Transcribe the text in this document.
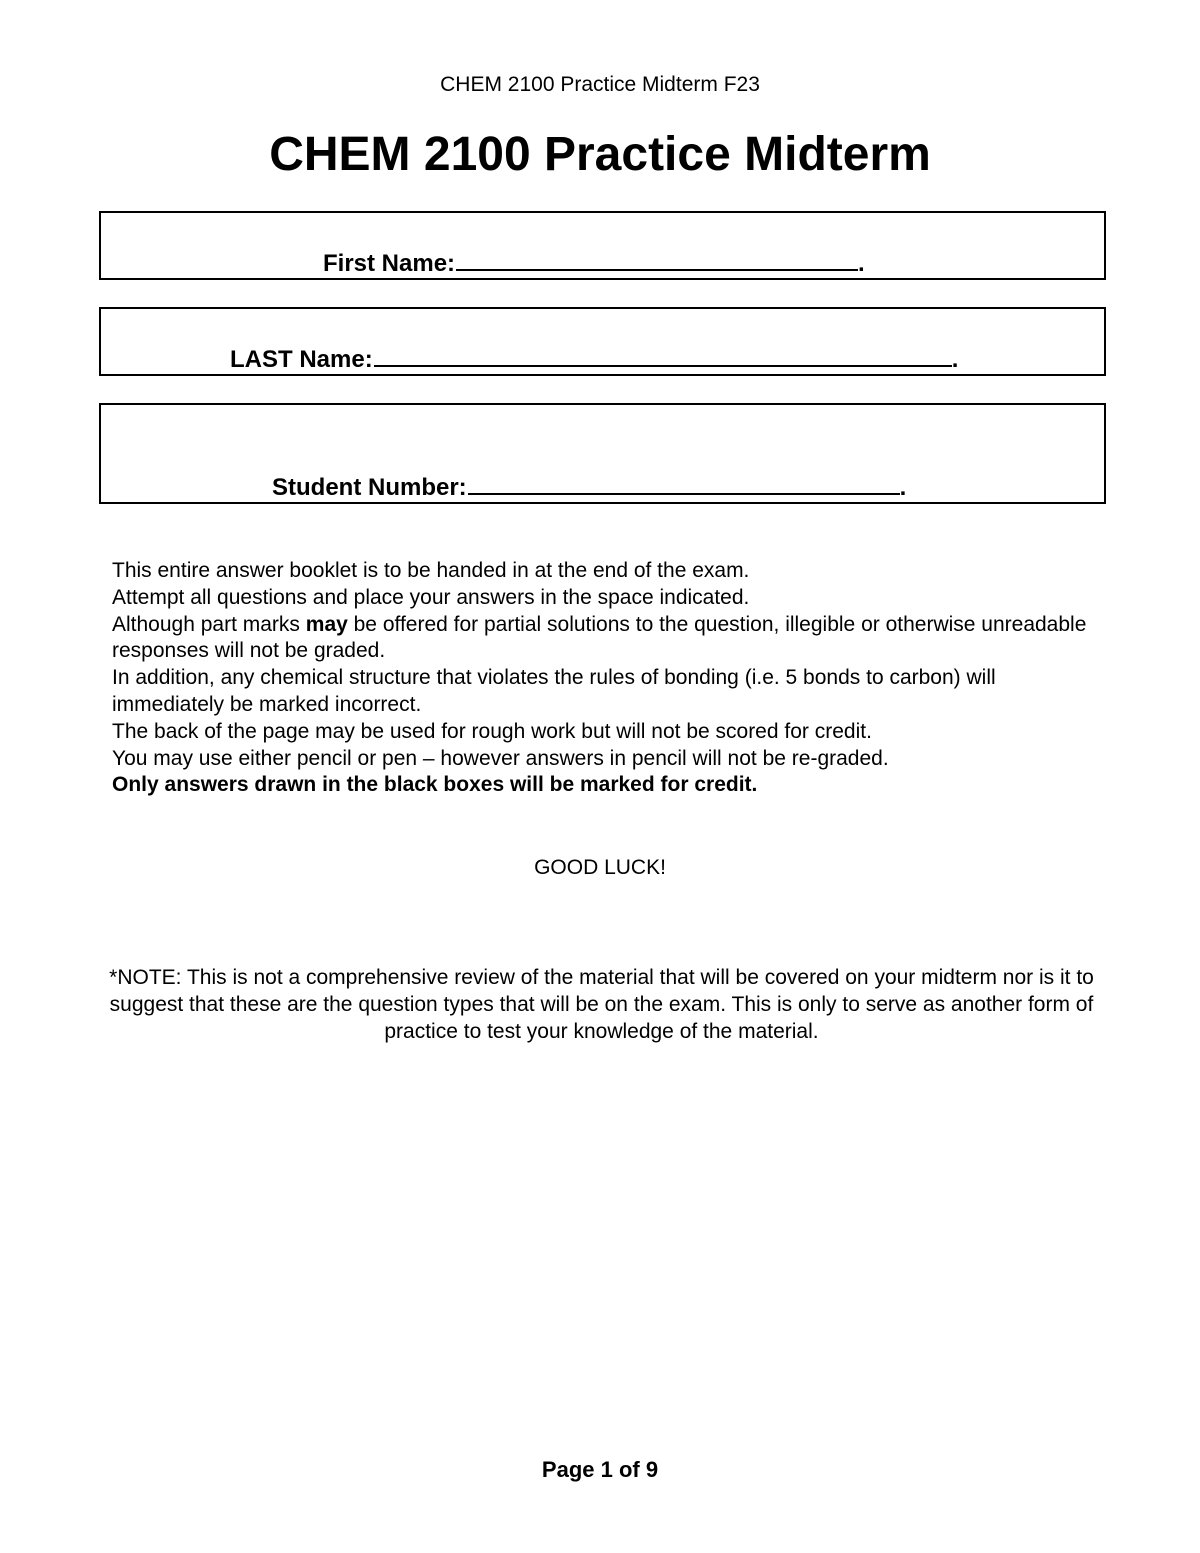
CHEM 2100 Practice Midterm F23
CHEM 2100 Practice Midterm
First Name:	.
LAST Name:	.
Student Number:	.

This entire answer booklet is to be handed in at the end of the exam.

Attempt all questions and place your answers in the space indicated.

Although part marks may be offered for partial solutions to the question, illegible or otherwise unreadable responses will not be graded.

In addition, any chemical structure that violates the rules of bonding (i.e. 5 bonds to carbon) will immediately be marked incorrect.

The back of the page may be used for rough work but will not be scored for credit.

You may use either pencil or pen – however answers in pencil will not be re-graded.

Only answers drawn in the black boxes will be marked for credit.

GOOD LUCK!
*NOTE: This is not a comprehensive review of the material that will be covered on your midterm nor is it to suggest that these are the question types that will be on the exam. This is only to serve as another form of practice to test your knowledge of the material.
Page 1 of 9
